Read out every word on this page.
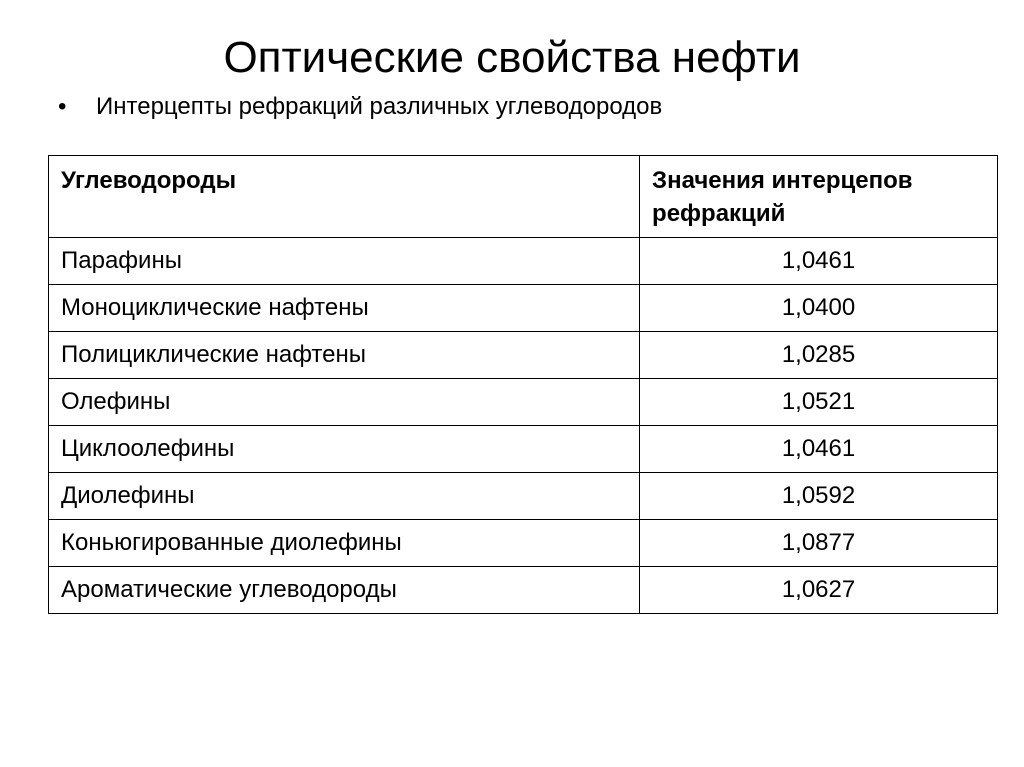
Оптические свойства нефти
• Интерцепты рефракций различных углеводородов
Углеводороды	Значения интерцепов рефракций
Парафины	1,0461
Моноциклические нафтены	1,0400
Полициклические нафтены	1,0285
Олефины	1,0521
Циклоолефины	1,0461
Диолефины	1,0592
Коньюгированные диолефины	1,0877
Ароматические углеводороды	1,0627
